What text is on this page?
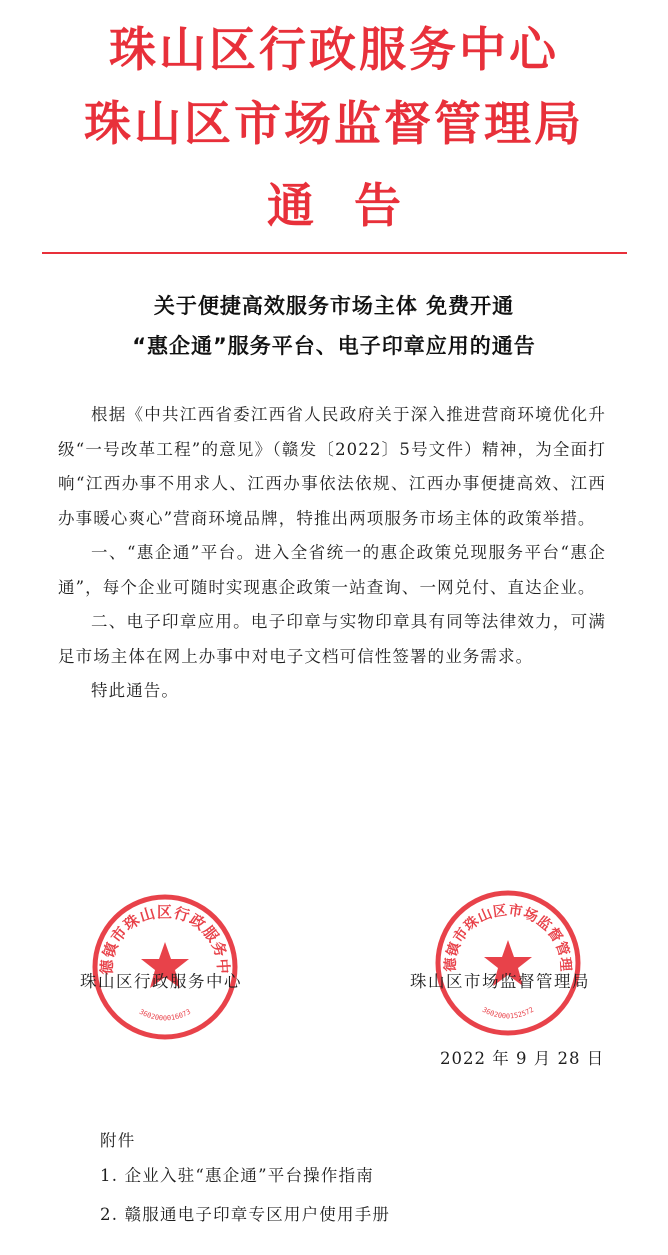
珠山区行政服务中心
珠山区市场监督管理局
通告
关于便捷高效服务市场主体 免费开通
“惠企通”服务平台、电子印章应用的通告

根据《中共江西省委江西省人民政府关于深入推进营商环境优化升级“一号改革工程”的意见》（赣发〔2022〕5号文件）精神，为全面打响“江西办事不用求人、江西办事依法依规、江西办事便捷高效、江西办事暖心爽心”营商环境品牌，特推出两项服务市场主体的政策举措。

一、“惠企通”平台。进入全省统一的惠企政策兑现服务平台“惠企通”，每个企业可随时实现惠企政策一站查询、一网兑付、直达企业。

二、电子印章应用。电子印章与实物印章具有同等法律效力，可满足市场主体在网上办事中对电子文档可信性签署的业务需求。

特此通告。

德镇市珠山区行政服务中
3602000016073
德镇市珠山区市场监督管理
3602000152572
珠山区行政服务中心	珠山区市场监督管理局
2022 年 9 月 28 日
附件
1. 企业入驻“惠企通”平台操作指南
2. 赣服通电子印章专区用户使用手册
